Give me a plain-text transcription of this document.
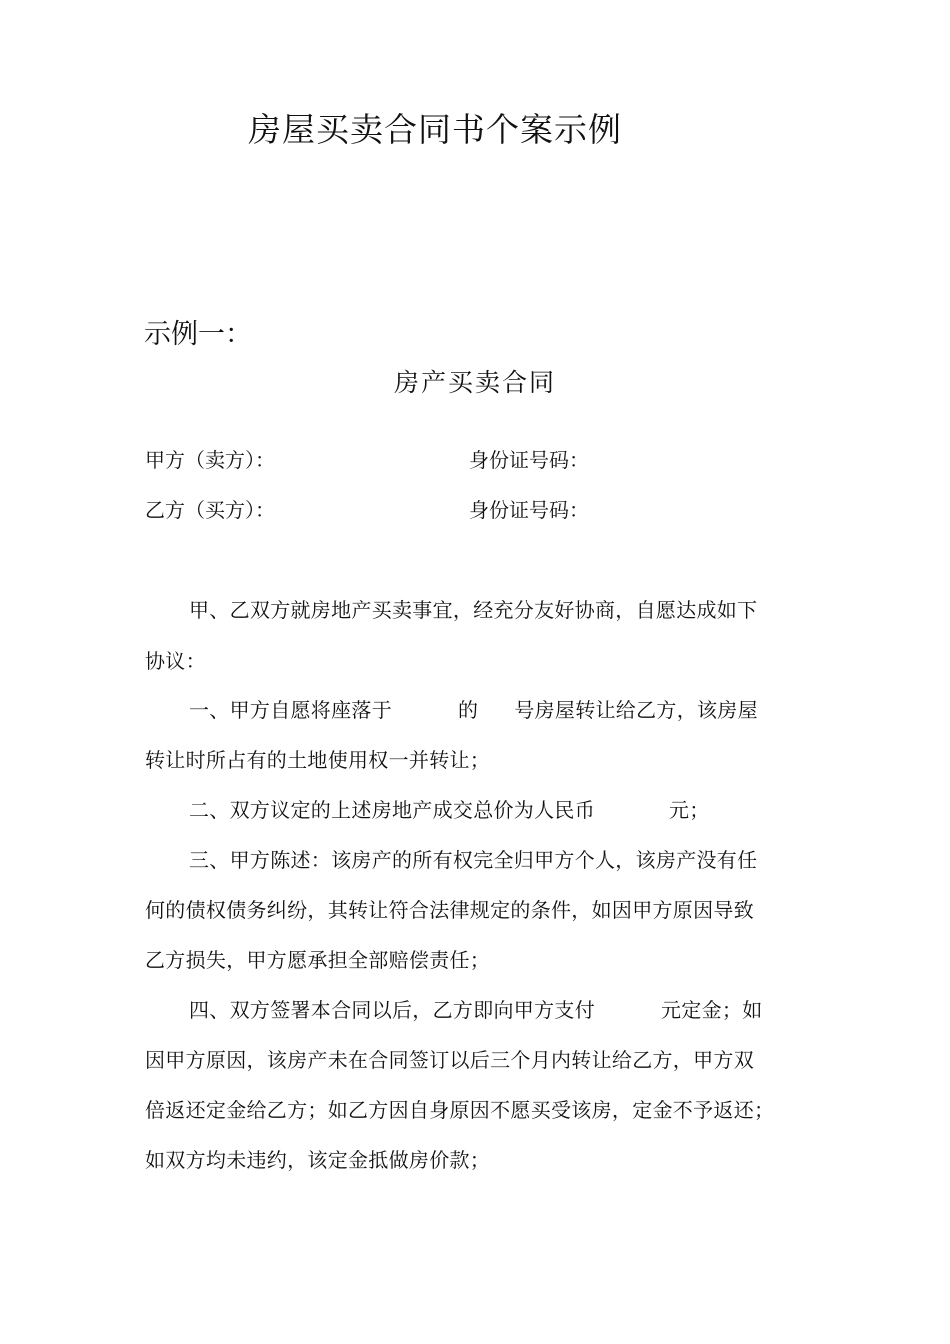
房屋买卖合同书个案示例
示例一：
房产买卖合同
甲方（卖方）：	身份证号码：
乙方（买方）：	身份证号码：
甲、乙双方就房地产买卖事宜，经充分友好协商，自愿达成如下
协议：
一、甲方自愿将座落于	的 号房屋转让给乙方，该房屋
转让时所占有的土地使用权一并转让；
二、双方议定的上述房地产成交总价为人民币	元；
三、甲方陈述：该房产的所有权完全归甲方个人，该房产没有任
何的债权债务纠纷，其转让符合法律规定的条件，如因甲方原因导致
乙方损失，甲方愿承担全部赔偿责任；
四、双方签署本合同以后，乙方即向甲方支付	元定金；如
因甲方原因，该房产未在合同签订以后三个月内转让给乙方，甲方双
倍返还定金给乙方；如乙方因自身原因不愿买受该房，定金不予返还；
如双方均未违约，该定金抵做房价款；
